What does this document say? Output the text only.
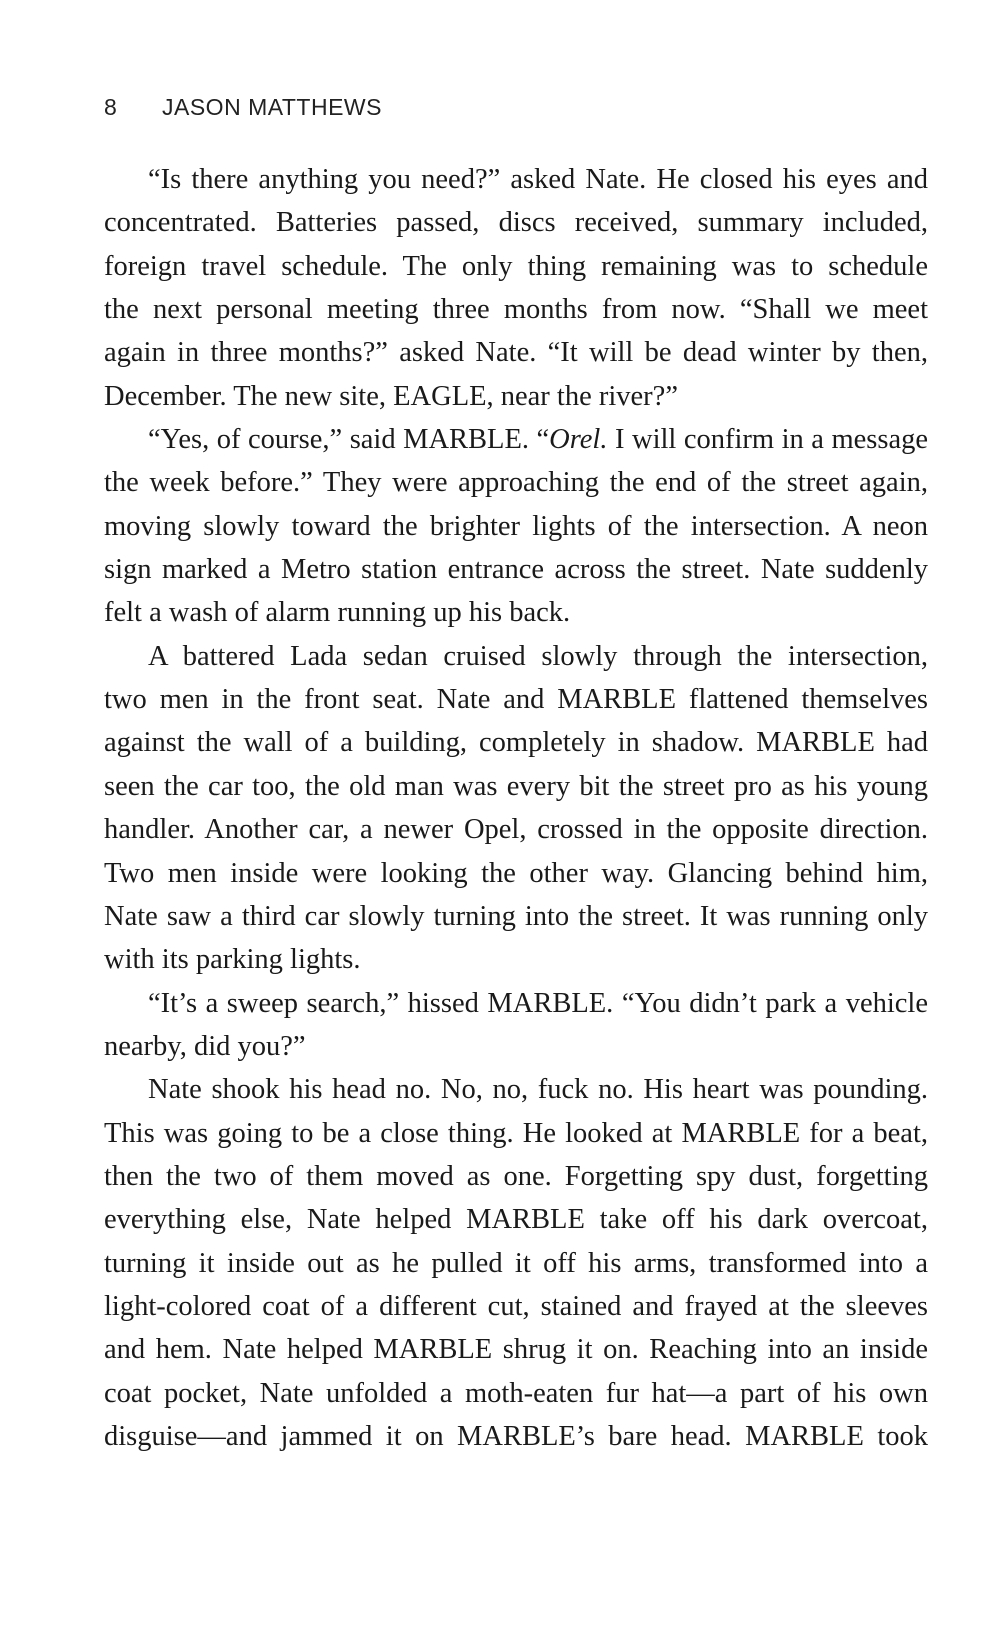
8 JASON MATTHEWS
“Is there anything you need?” asked Nate. He closed his eyes and
concentrated. Batteries passed, discs received, summary included,
foreign travel schedule. The only thing remaining was to schedule
the next personal meeting three months from now. “Shall we meet
again in three months?” asked Nate. “It will be dead winter by then,
December. The new site, EAGLE, near the river?”
“Yes, of course,” said MARBLE. “Orel. I will confirm in a message
the week before.” They were approaching the end of the street again,
moving slowly toward the brighter lights of the intersection. A neon
sign marked a Metro station entrance across the street. Nate suddenly
felt a wash of alarm running up his back.
A battered Lada sedan cruised slowly through the intersection,
two men in the front seat. Nate and MARBLE flattened themselves
against the wall of a building, completely in shadow. MARBLE had
seen the car too, the old man was every bit the street pro as his young
handler. Another car, a newer Opel, crossed in the opposite direction.
Two men inside were looking the other way. Glancing behind him,
Nate saw a third car slowly turning into the street. It was running only
with its parking lights.
“It’s a sweep search,” hissed MARBLE. “You didn’t park a vehicle
nearby, did you?”
Nate shook his head no. No, no, fuck no. His heart was pounding.
This was going to be a close thing. He looked at MARBLE for a beat,
then the two of them moved as one. Forgetting spy dust, forgetting
everything else, Nate helped MARBLE take off his dark overcoat,
turning it inside out as he pulled it off his arms, transformed into a
light-colored coat of a different cut, stained and frayed at the sleeves
and hem. Nate helped MARBLE shrug it on. Reaching into an inside
coat pocket, Nate unfolded a moth-eaten fur hat—a part of his own
disguise—and jammed it on MARBLE’s bare head. MARBLE took
